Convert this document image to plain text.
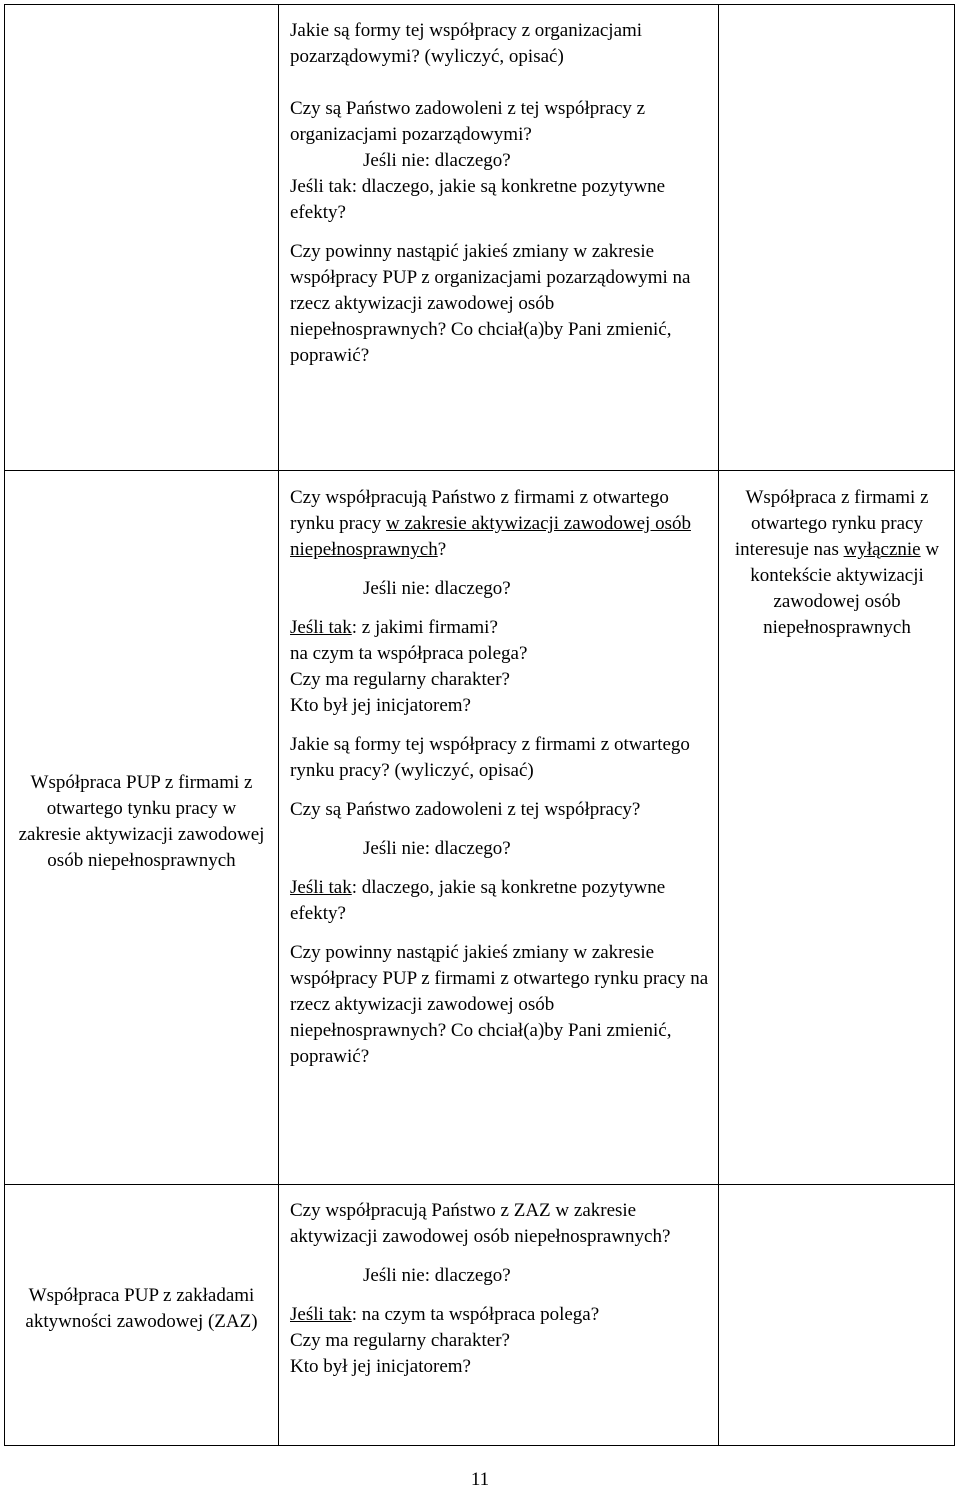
Jakie są formy tej współpracy z organizacjami pozarządowymi? (wyliczyć, opisać)

Czy są Państwo zadowoleni z tej współpracy z organizacjami pozarządowymi?

Jeśli nie: dlaczego?

Jeśli tak: dlaczego, jakie są konkretne pozytywne efekty?

Czy powinny nastąpić jakieś zmiany w zakresie współpracy PUP z organizacjami pozarządowymi na rzecz aktywizacji zawodowej osób niepełnosprawnych? Co chciał(a)by Pani zmienić, poprawić?

Współpraca PUP z firmami z otwartego tynku pracy w zakresie aktywizacji zawodowej osób niepełnosprawnych

Czy współpracują Państwo z firmami z otwartego rynku pracy w zakresie aktywizacji zawodowej osób niepełnosprawnych?

Jeśli nie: dlaczego?

Jeśli tak: z jakimi firmami?

na czym ta współpraca polega?

Czy ma regularny charakter?

Kto był jej inicjatorem?

Jakie są formy tej współpracy z firmami z otwartego rynku pracy? (wyliczyć, opisać)

Czy są Państwo zadowoleni z tej współpracy?

Jeśli nie: dlaczego?

Jeśli tak: dlaczego, jakie są konkretne pozytywne efekty?

Czy powinny nastąpić jakieś zmiany w zakresie współpracy PUP z firmami z otwartego rynku pracy na rzecz aktywizacji zawodowej osób niepełnosprawnych? Co chciał(a)by Pani zmienić, poprawić?

Współpraca z firmami z otwartego rynku pracy interesuje nas wyłącznie w kontekście aktywizacji zawodowej osób niepełnosprawnych

Współpraca PUP z zakładami aktywności zawodowej (ZAZ)

Czy współpracują Państwo z ZAZ w zakresie aktywizacji zawodowej osób niepełnosprawnych?

Jeśli nie: dlaczego?

Jeśli tak: na czym ta współpraca polega?

Czy ma regularny charakter?

Kto był jej inicjatorem?

11
